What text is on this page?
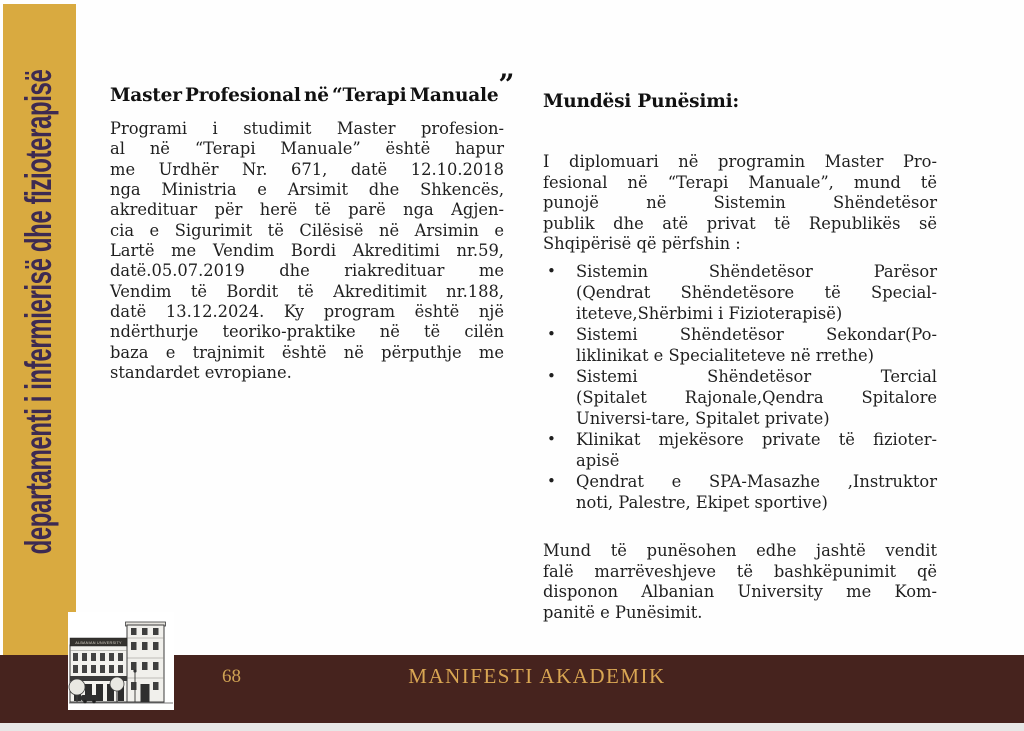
departamenti i infermierisë dhe fizioterapisë
68	MANIFESTI AKADEMIK
ALBANIAN UNIVERSITY
Master Profesional në “Terapi Manuale”
Programi i studimit Master profesion-
al në “Terapi Manuale” është hapur
me Urdhër Nr. 671, datë 12.10.2018
nga Ministria e Arsimit dhe Shkencës,
akredituar për herë të parë nga Agjen-
cia e Sigurimit të Cilësisë në Arsimin e
Lartë me Vendim Bordi Akreditimi nr.59,
datë.05.07.2019 dhe riakredituar me
Vendim të Bordit të Akreditimit nr.188,
datë 13.12.2024. Ky program është një
ndërthurje teoriko-praktike në të cilën
baza e trajnimit është në përputhje me
standardet evropiane.
Mundësi Punësimi:
I diplomuari në programin Master Pro-
fesional në “Terapi Manuale”, mund të
punojë në Sistemin Shëndetësor
publik dhe atë privat të Republikës së
Shqipërisë që përfshin :
•	Sistemin Shëndetësor Parësor
(Qendrat Shëndetësore të Special-
iteteve,Shërbimi i Fizioterapisë)
•	Sistemi Shëndetësor Sekondar(Po-
liklinikat e Specialiteteve në rrethe)
•	Sistemi Shëndetësor Tercial
(Spitalet Rajonale,Qendra Spitalore
Universi-tare, Spitalet private)
•	Klinikat mjekësore private të fizioter-
apisë
•	Qendrat e SPA-Masazhe ,Instruktor
noti, Palestre, Ekipet sportive)
Mund të punësohen edhe jashtë vendit
falë marrëveshjeve të bashkëpunimit që
disponon Albanian University me Kom-
panitë e Punësimit.
